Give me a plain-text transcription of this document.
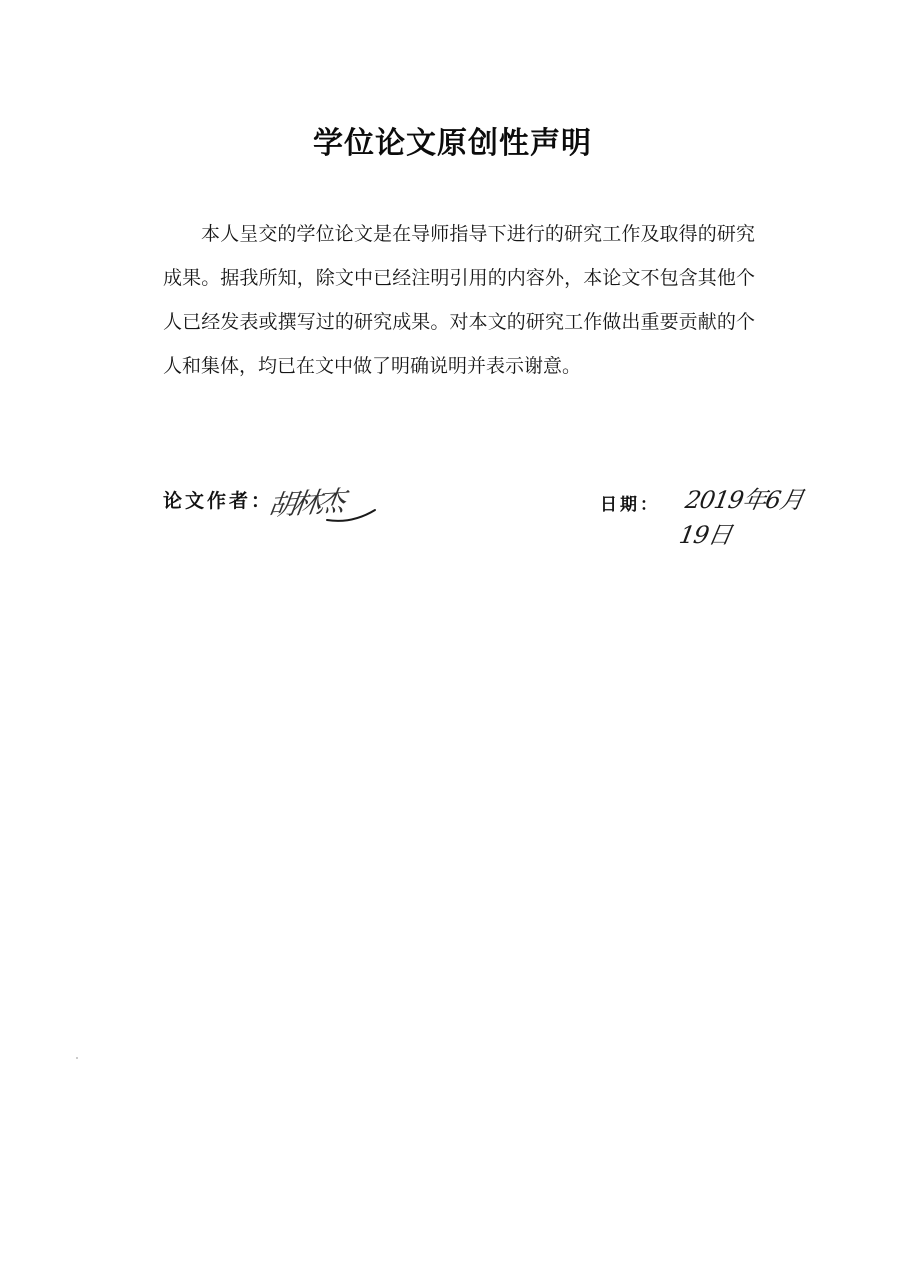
学位论文原创性声明
本人呈交的学位论文是在导师指导下进行的研究工作及取得的研究成果。据我所知，除文中已经注明引用的内容外，本论文不包含其他个人已经发表或撰写过的研究成果。对本文的研究工作做出重要贡献的个人和集体，均已在文中做了明确说明并表示谢意。
论文作者：
胡林杰	日期： 2019年6月19日
